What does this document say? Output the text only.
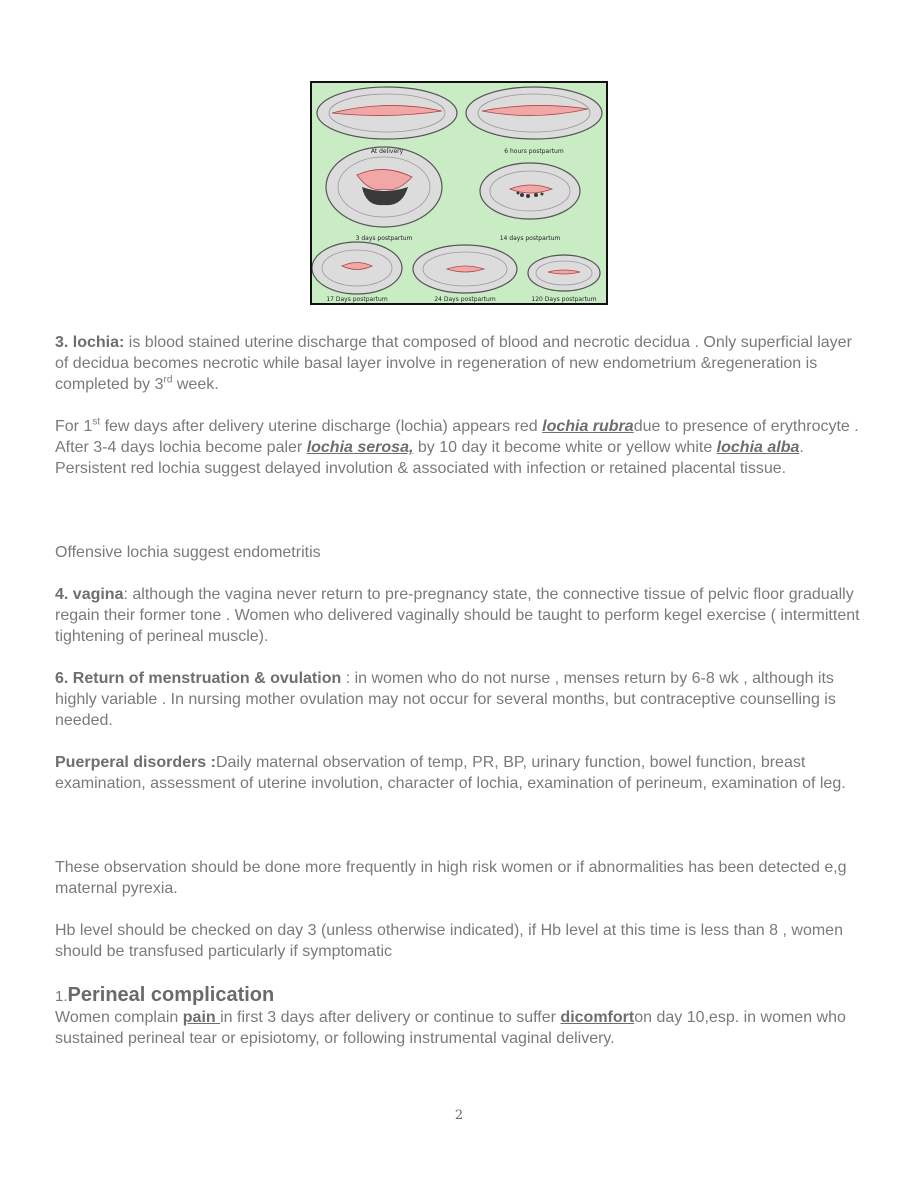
At delivery	6 hours postpartum
3 days postpartum	14 days postpartum
17 Days postpartum	24 Days postpartum	120 Days postpartum

3. lochia: is blood stained uterine discharge that composed of blood and necrotic decidua . Only superficial layer of decidua becomes necrotic while basal layer involve in regeneration of new endometrium &regeneration is completed by 3rd week.

For 1st few days after delivery uterine discharge (lochia) appears red lochia rubradue to presence of erythrocyte . After 3-4 days lochia become paler lochia serosa, by 10 day it become white or yellow white lochia alba.

Persistent red lochia suggest delayed involution & associated with infection or retained placental tissue.

Offensive lochia suggest endometritis

4. vagina: although the vagina never return to pre-pregnancy state, the connective tissue of pelvic floor gradually regain their former tone . Women who delivered vaginally should be taught to perform kegel exercise ( intermittent tightening of perineal muscle).

6. Return of menstruation & ovulation : in women who do not nurse , menses return by 6-8 wk , although its highly variable . In nursing mother ovulation may not occur for several months, but contraceptive counselling is needed.

Puerperal disorders :Daily maternal observation of temp, PR, BP, urinary function, bowel function, breast examination, assessment of uterine involution, character of lochia, examination of perineum, examination of leg.

These observation should be done more frequently in high risk women or if abnormalities has been detected e,g maternal pyrexia.

Hb level should be checked on day 3 (unless otherwise indicated), if Hb level at this time is less than 8 , women should be transfused particularly if symptomatic

1.Perineal complication

Women complain pain in first 3 days after delivery or continue to suffer dicomforton day 10,esp. in women who sustained perineal tear or episiotomy, or following instrumental vaginal delivery.

2
